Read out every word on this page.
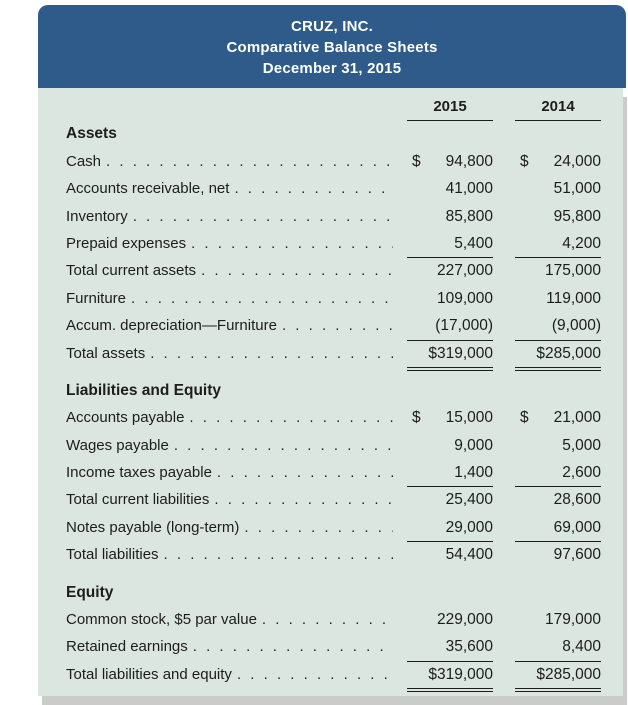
CRUZ, INC.
Comparative Balance Sheets
December 31, 2015
2015	2014
Assets
Cash . . .	$ 94,800	$ 24,000
Accounts receivable, net . . .	41,000	51,000
Inventory . . .	85,800	95,800
Prepaid expenses . . .	5,400	4,200
Total current assets . . .	227,000	175,000
Furniture . . .	109,000	119,000
Accum. depreciation—Furniture . . .	(17,000)	(9,000)
Total assets . . .	$319,000	$285,000
Liabilities and Equity
Accounts payable . . .	$ 15,000	$ 21,000
Wages payable . . .	9,000	5,000
Income taxes payable . . .	1,400	2,600
Total current liabilities . . .	25,400	28,600
Notes payable (long-term) . . .	29,000	69,000
Total liabilities . . .	54,400	97,600
Equity
Common stock, $5 par value . . .	229,000	179,000
Retained earnings . . .	35,600	8,400
Total liabilities and equity . . .	$319,000	$285,000
